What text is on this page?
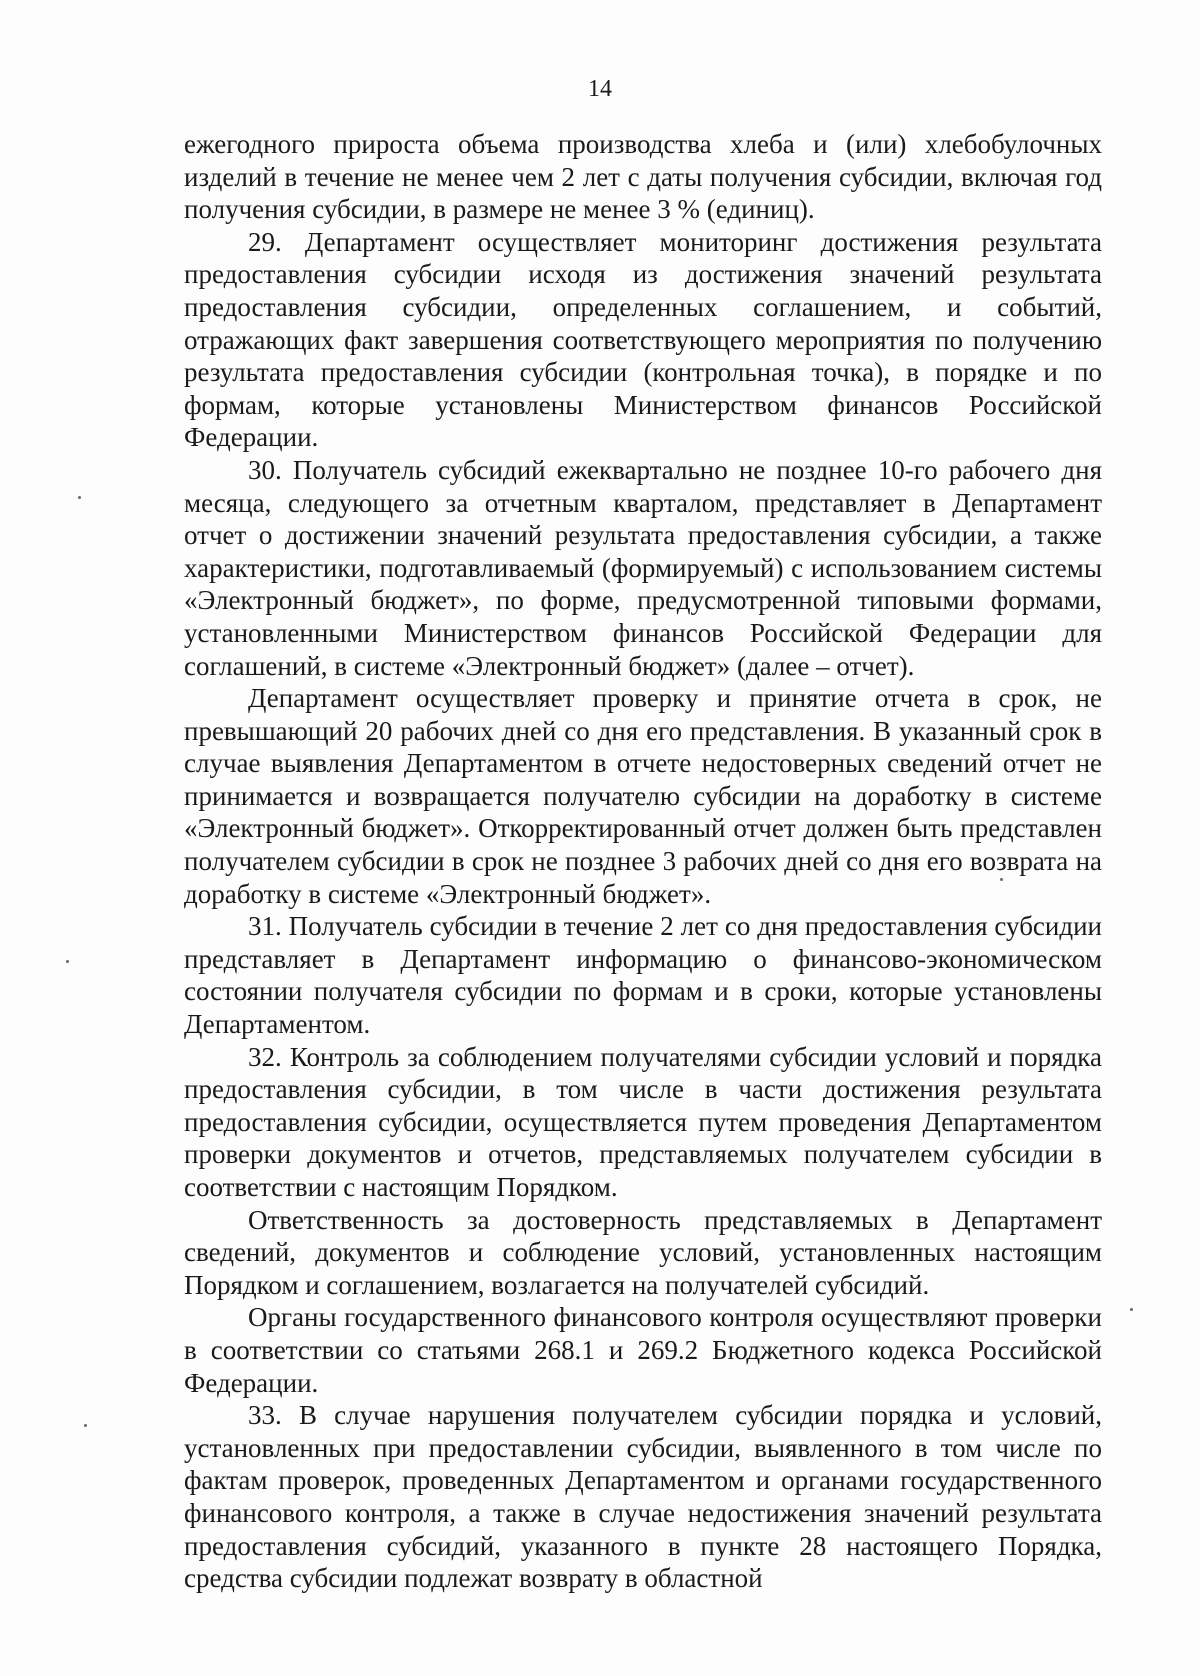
14

ежегодного прироста объема производства хлеба и (или) хлебобулочных изделий в течение не менее чем 2 лет с даты получения субсидии, включая год получения субсидии, в размере не менее 3 % (единиц).

29. Департамент осуществляет мониторинг достижения результата предоставления субсидии исходя из достижения значений результата предоставления субсидии, определенных соглашением, и событий, отражающих факт завершения соответствующего мероприятия по получению результата предоставления субсидии (контрольная точка), в порядке и по формам, которые установлены Министерством финансов Российской Федерации.

30. Получатель субсидий ежеквартально не позднее 10-го рабочего дня месяца, следующего за отчетным кварталом, представляет в Департамент отчет о достижении значений результата предоставления субсидии, а также характеристики, подготавливаемый (формируемый) с использованием системы «Электронный бюджет», по форме, предусмотренной типовыми формами, установленными Министерством финансов Российской Федерации для соглашений, в системе «Электронный бюджет» (далее – отчет).

Департамент осуществляет проверку и принятие отчета в срок, не превышающий 20 рабочих дней со дня его представления. В указанный срок в случае выявления Департаментом в отчете недостоверных сведений отчет не принимается и возвращается получателю субсидии на доработку в системе «Электронный бюджет». Откорректированный отчет должен быть представлен получателем субсидии в срок не позднее 3 рабочих дней со дня его возврата на доработку в системе «Электронный бюджет».

31. Получатель субсидии в течение 2 лет со дня предоставления субсидии представляет в Департамент информацию о финансово-экономическом состоянии получателя субсидии по формам и в сроки, которые установлены Департаментом.

32. Контроль за соблюдением получателями субсидии условий и порядка предоставления субсидии, в том числе в части достижения результата предоставления субсидии, осуществляется путем проведения Департаментом проверки документов и отчетов, представляемых получателем субсидии в соответствии с настоящим Порядком.

Ответственность за достоверность представляемых в Департамент сведений, документов и соблюдение условий, установленных настоящим Порядком и соглашением, возлагается на получателей субсидий.

Органы государственного финансового контроля осуществляют проверки в соответствии со статьями 268.1 и 269.2 Бюджетного кодекса Российской Федерации.

33. В случае нарушения получателем субсидии порядка и условий, установленных при предоставлении субсидии, выявленного в том числе по фактам проверок, проведенных Департаментом и органами государственного финансового контроля, а также в случае недостижения значений результата предоставления субсидий, указанного в пункте 28 настоящего Порядка, средства субсидии подлежат возврату в областной
